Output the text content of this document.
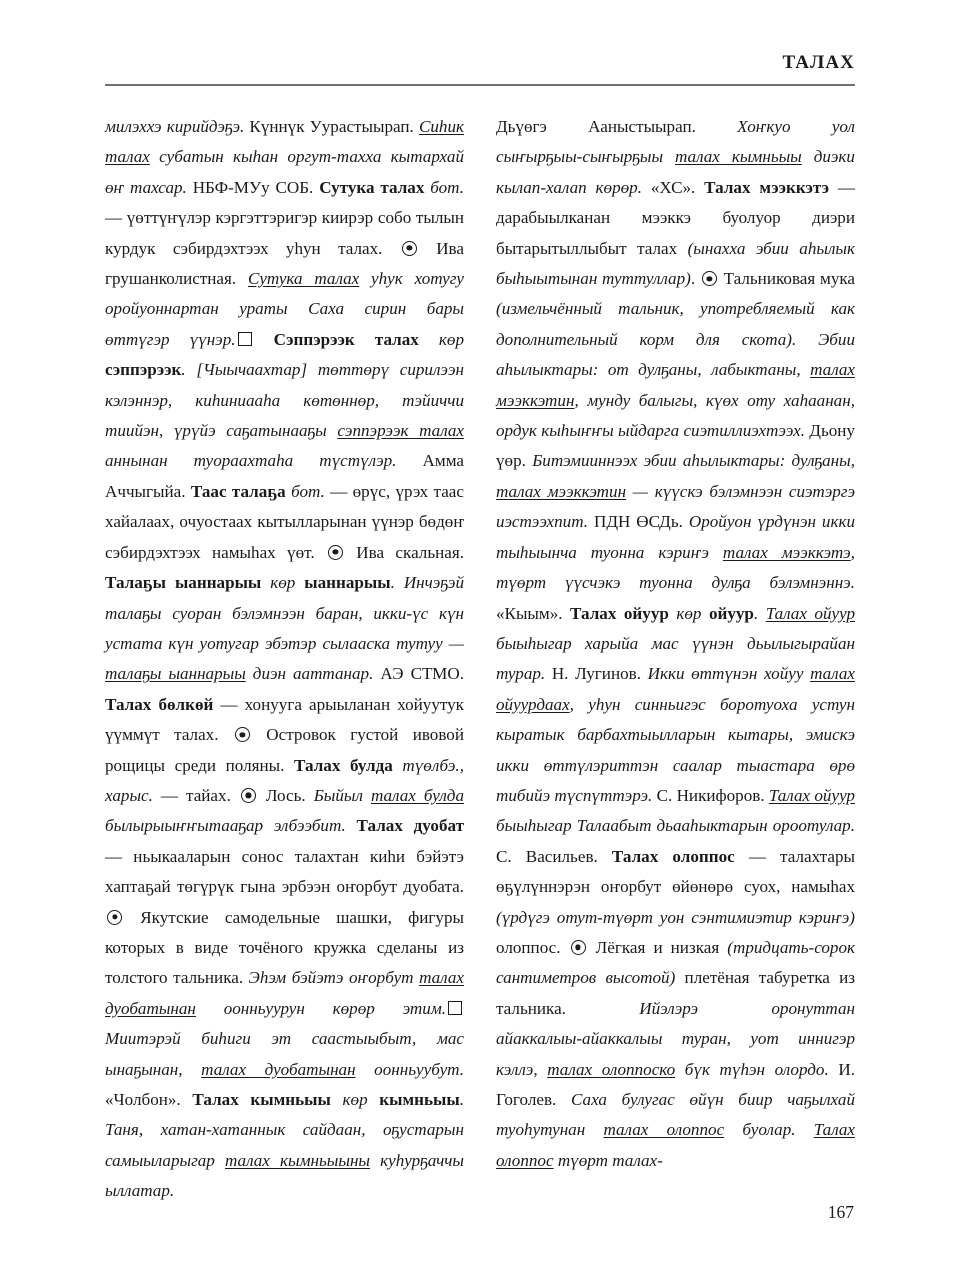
ТАЛАХ

милэххэ кирийдэҕэ. Күннүк Уурастыырап. Сиһик талах субатын кыһан оргут‑тахха кытархай өҥ тахсар. НБФ‑МУу СОБ. Сутука талах бот. — үөттүҥүлэр кэргэттэригэр киирэр собо тылын курдук сэбирдэхтээх уһун талах.  Ива грушанколистная. Сутука талах уһук хотугу оройуоннартан ураты Саха сирин бары өттүгэр үүнэр. Сэппэрээк талах көр сэппэрээк. [Чыычаахтар] төттөрү сирилээн кэлэннэр, киһиниааһа көтөннөр, тэйиччи тиийэн, үрүйэ саҕатынааҕы сэппэрээк талах аннынан туораахтаһа түстүлэр. Амма Аччыгыйа. Таас талаҕа бот. — өрүс, үрэх таас хайалаах, очуостаах кытылларынан үүнэр бөдөҥ сэбирдэхтээх намыһах үөт.  Ива скальная. Талаҕы ыаннарыы көр ыаннарыы. Инчэҕэй талаҕы суоран бэлэмнээн баран, икки‑үс күн устата күн уотугар эбэтэр сылааска тутуу — талаҕы ыаннарыы диэн ааттанар. АЭ СТМО. Талах бөлкөй — хонууга арыыланан хойуутук үүммүт талах.  Островок густой ивовой рощицы среди поляны. Талах булда түөлбэ., харыс. — тайах.  Лось. Быйыл талах булда былырыыҥҥытааҕар элбээбит. Талах дуобат — ньыкааларын сонос талахтан киһи бэйэтэ хаптаҕай төгүрүк гына эрбээн оҥорбут дуобата.  Якутские самодельные шашки, фигуры которых в виде точёного кружка сделаны из толстого тальника. Эһэм бэйэтэ оҥорбут талах дуобатынан оонньуурун көрөр этим. Миитэрэй биһиги эт саастыыбыт, мас ынаҕынан, талах дуобатынан оонньуубут. «Чолбон». Талах кымньыы көр кымньыы. Таня, хатан‑хатаннык сайдаан, оҕустарын самыыларыгар талах кымньыыны куһурҕаччы ыллатар.

Дьүөгэ Ааныстыырап. Хоҥкуо уол сыҥырҕыы‑сыҥырҕыы талах кымньыы диэки кылап‑халап көрөр. «ХС». Талах мээккэтэ — дарабыылканан мээккэ буолуор диэри бытарытыллыбыт талах (ынахха эбии аһылык быһыытынан туттуллар).  Тальниковая мука (измельчённый тальник, употребляемый как дополнительный корм для скота). Эбии аһылыктары: от дулҕаны, лабыктаны, талах мээккэтин, мунду балыгы, күөх оту хаһаанан, ордук кыһыҥҥы ыйдарга сиэтиллиэхтээх. Дьону үөр. Битэмииннээх эбии аһылыктары: дулҕаны, талах мээккэтин — күүскэ бэлэмнээн сиэтэргэ иэстээхпит. ПДН ӨСДь. Оройуон үрдүнэн икки тыһыынча туонна кэриҥэ талах мээккэтэ, түөрт үүсчэкэ туонна дулҕа бэлэмнэннэ. «Кыым». Талах ойуур көр ойуур. Талах ойуур быыһыгар харыйа мас үүнэн дьылыгырайан турар. Н. Лугинов. Икки өттүнэн хойуу талах ойуурдаах, уһун синньигэс боротуоха устун кыратык барбахтыылларын кытары, эмискэ икки өттүлэриттэн саалар тыастара өрө тибийэ түспүттэрэ. С. Никифоров. Талах ойуур быыһыгар Талаабыт дьааһыктарын ороотулар. С. Васильев. Талах олоппос — талахтары өҕүлүннэрэн оҥорбут өйөнөрө суох, намыһах (үрдүгэ отут‑түөрт уон сэнтимиэтир кэриҥэ) олоппос.  Лёгкая и низкая (тридцать‑сорок сантиметров высотой) плетёная табуретка из тальника. Ийэлэрэ оронуттан айаккалыы‑айаккалыы туран, уот иннигэр кэллэ, талах олоппоско бүк түһэн олордо. И. Гоголев. Саха булугас өйүн биир чаҕылхай туоһутунан талах олоппос буолар. Талах олоппос түөрт талах‑

167
